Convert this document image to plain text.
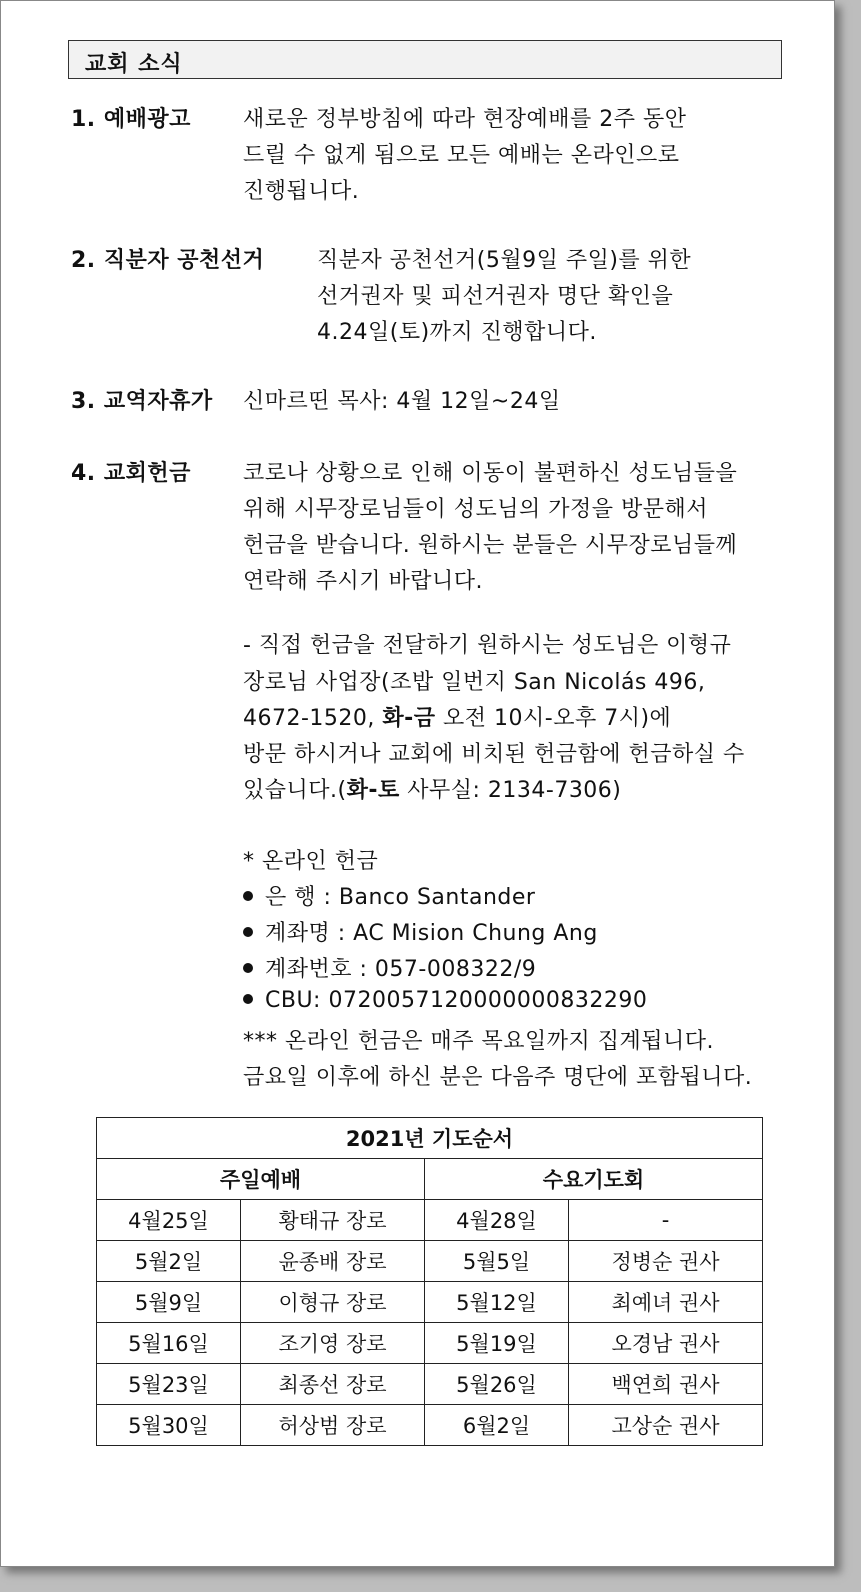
교회 소식
1. 예배광고 새로운 정부방침에 따라 현장예배를 2주 동안
드릴 수 없게 됨으로 모든 예배는 온라인으로
진행됩니다.
2. 직분자 공천선거 직분자 공천선거(5월9일 주일)를 위한
선거권자 및 피선거권자 명단 확인을
4.24일(토)까지 진행합니다.
3. 교역자휴가 신마르띤 목사: 4월 12일~24일
4. 교회헌금 코로나 상황으로 인해 이동이 불편하신 성도님들을
위해 시무장로님들이 성도님의 가정을 방문해서
헌금을 받습니다. 원하시는 분들은 시무장로님들께
연락해 주시기 바랍니다.
- 직접 헌금을 전달하기 원하시는 성도님은 이형규
장로님 사업장(조밥 일번지 San Nicolás 496,
4672-1520, 화-금 오전 10시-오후 7시)에
방문 하시거나 교회에 비치된 헌금함에 헌금하실 수
있습니다.(화-토 사무실: 2134-7306)
* 온라인 헌금
은 행 : Banco Santander
계좌명 : AC Mision Chung Ang
계좌번호 : 057-008322/9
CBU: 0720057120000000832290
*** 온라인 헌금은 매주 목요일까지 집계됩니다.
금요일 이후에 하신 분은 다음주 명단에 포함됩니다.
2021년 기도순서			
주일예배		수요기도회	
4월25일	황태규 장로	4월28일	-
5월2일	윤종배 장로	5월5일	정병순 권사
5월9일	이형규 장로	5월12일	최예녀 권사
5월16일	조기영 장로	5월19일	오경남 권사
5월23일	최종선 장로	5월26일	백연희 권사
5월30일	허상범 장로	6월2일	고상순 권사
